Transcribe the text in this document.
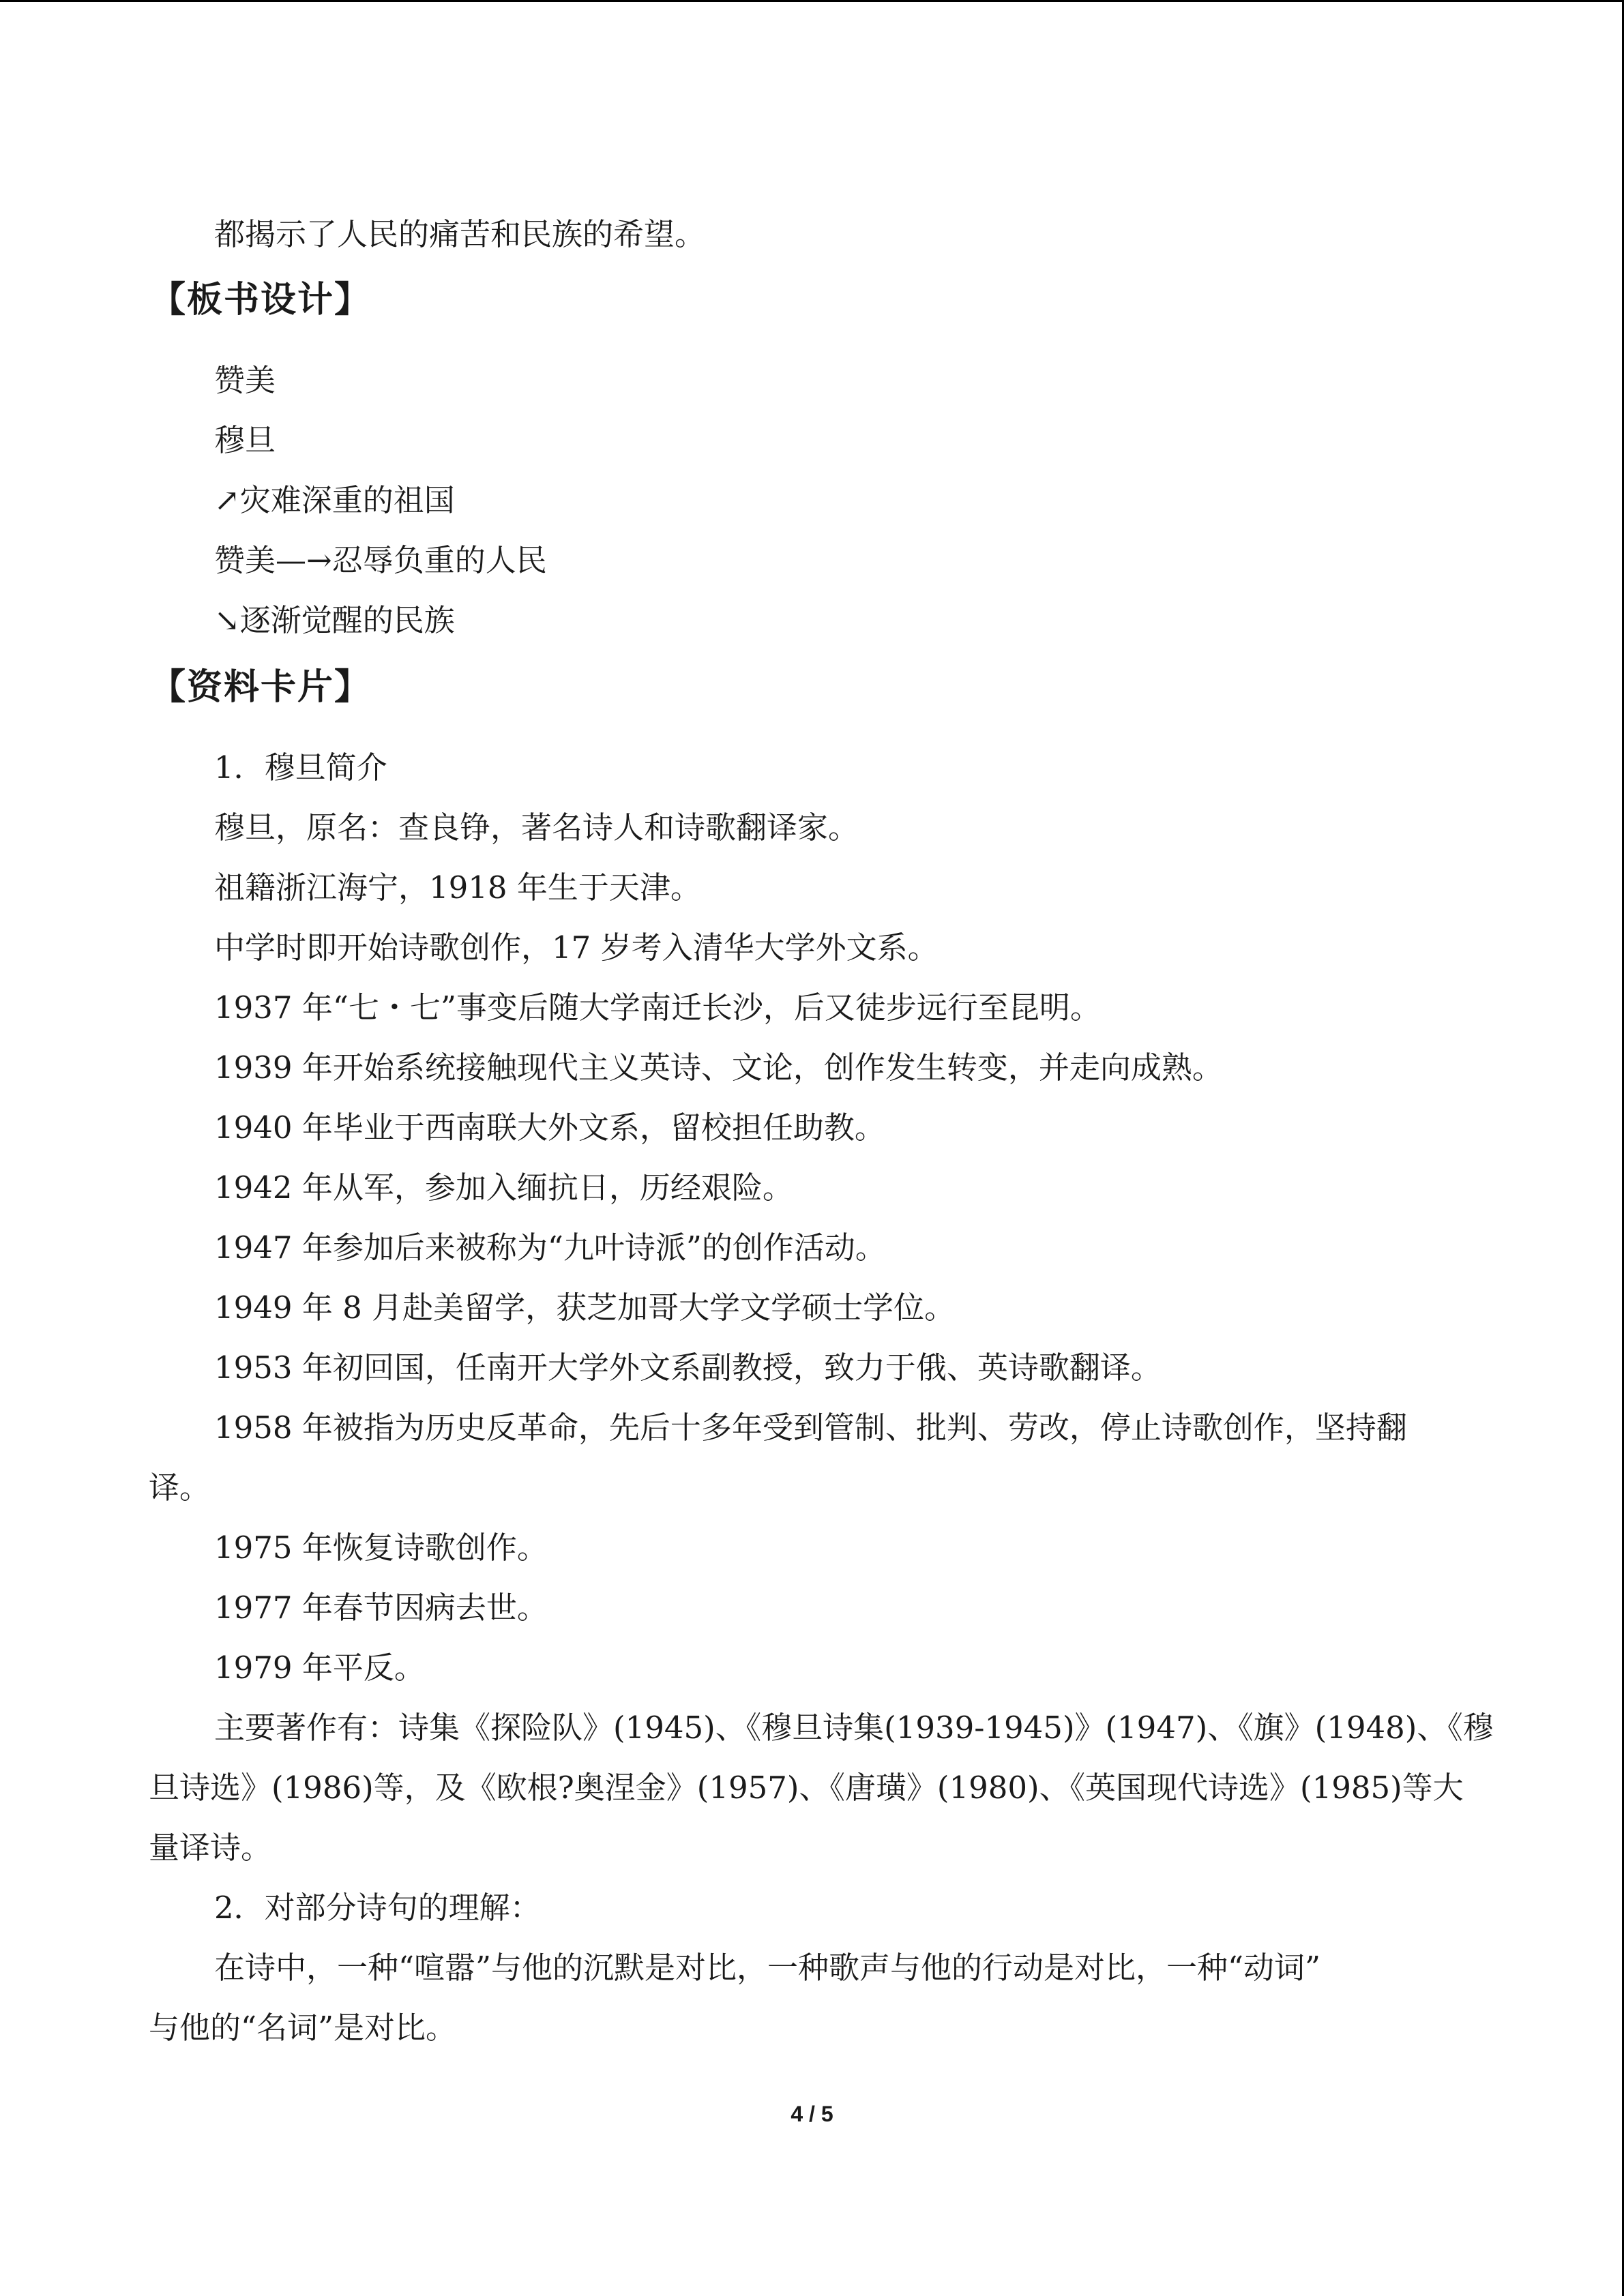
都揭示了人民的痛苦和民族的希望。
【板书设计】
赞美
穆旦
↗灾难深重的祖国
赞美—→忍辱负重的人民
↘逐渐觉醒的民族
【资料卡片】
1．穆旦简介
穆旦，原名：查良铮，著名诗人和诗歌翻译家。
祖籍浙江海宁，1918 年生于天津。
中学时即开始诗歌创作，17 岁考入清华大学外文系。
1937 年“七・七”事变后随大学南迁长沙，后又徒步远行至昆明。
1939 年开始系统接触现代主义英诗、文论，创作发生转变，并走向成熟。
1940 年毕业于西南联大外文系，留校担任助教。
1942 年从军，参加入缅抗日，历经艰险。
1947 年参加后来被称为“九叶诗派”的创作活动。
1949 年 8 月赴美留学，获芝加哥大学文学硕士学位。
1953 年初回国，任南开大学外文系副教授，致力于俄、英诗歌翻译。
1958 年被指为历史反革命，先后十多年受到管制、批判、劳改，停止诗歌创作，坚持翻
译。
1975 年恢复诗歌创作。
1977 年春节因病去世。
1979 年平反。
主要著作有：诗集《探险队》(1945)、《穆旦诗集(1939-1945)》(1947)、《旗》(1948)、《穆
旦诗选》(1986)等，及《欧根?奥涅金》(1957)、《唐璜》(1980)、《英国现代诗选》(1985)等大
量译诗。
2．对部分诗句的理解：
在诗中，一种“喧嚣”与他的沉默是对比，一种歌声与他的行动是对比，一种“动词”
与他的“名词”是对比。
4 / 5
